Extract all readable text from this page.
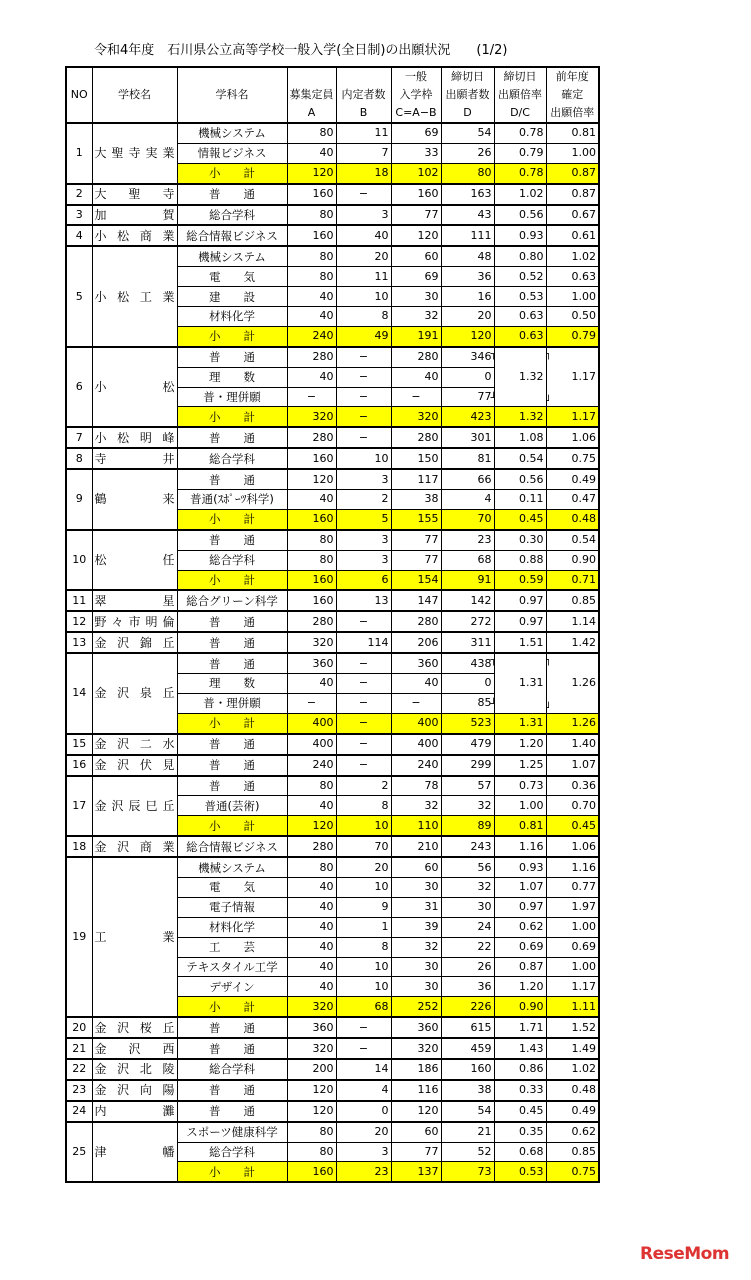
令和4年度　石川県公立高等学校一般入学(全日制)の出願状況　　(1/2)
NO	学校名	学科名			一般	締切日	締切日	前年度
			募集定員	内定者数	入学枠	出願者数	出願倍率	確定
			A	B	C=A−B	D	D/C	出願倍率
1	大聖寺実業	機械システム	80	11	69	54	0.78	0.81
		情報ビジネス	40	7	33	26	0.79	1.00
		小　　計	120	18	102	80	0.78	0.87
2	大聖寺	普　　通	160	−	160	163	1.02	0.87
3	加賀	総合学科	80	3	77	43	0.56	0.67
4	小松商業	総合情報ビジネス	160	40	120	111	0.93	0.61
5	小松工業	機械システム	80	20	60	48	0.80	1.02
		電　　気	80	11	69	36	0.52	0.63
		建　　設	40	10	30	16	0.53	1.00
		材料化学	40	8	32	20	0.63	0.50
		小　　計	240	49	191	120	0.63	0.79
6	小松	普　　通	280	−	280	346 ┐	1.32	1.17

		理　　数	40	−	40	0		
		普・理併願	−	−	−	77 ┘
		小　　計	320	−	320	423	1.32	1.17
7	小松明峰	普　　通	280	−	280	301	1.08	1.06
8	寺井	総合学科	160	10	150	81	0.54	0.75
9	鶴来	普　　通	120	3	117	66	0.56	0.49
		普通(ｽﾎﾟｰﾂ科学)	40	2	38	4	0.11	0.47
		小　　計	160	5	155	70	0.45	0.48
10	松任	普　　通	80	3	77	23	0.30	0.54
		総合学科	80	3	77	68	0.88	0.90
		小　　計	160	6	154	91	0.59	0.71
11	翠星	総合グリーン科学	160	13	147	142	0.97	0.85
12	野々市明倫	普　　通	280	−	280	272	0.97	1.14
13	金沢錦丘	普　　通	320	114	206	311	1.51	1.42
14	金沢泉丘	普　　通	360	−	360	438 ┐	1.31	1.26

		理　　数	40	−	40	0		
		普・理併願	−	−	−	85 ┘
		小　　計	400	−	400	523	1.31	1.26
15	金沢二水	普　　通	400	−	400	479	1.20	1.40
16	金沢伏見	普　　通	240	−	240	299	1.25	1.07
17	金沢辰巳丘	普　　通	80	2	78	57	0.73	0.36
		普通(芸術)	40	8	32	32	1.00	0.70
		小　　計	120	10	110	89	0.81	0.45
18	金沢商業	総合情報ビジネス	280	70	210	243	1.16	1.06
19	工業	機械システム	80	20	60	56	0.93	1.16
		電　　気	40	10	30	32	1.07	0.77
		電子情報	40	9	31	30	0.97	1.97
		材料化学	40	1	39	24	0.62	1.00
		工　　芸	40	8	32	22	0.69	0.69
		テキスタイル工学	40	10	30	26	0.87	1.00
		デザイン	40	10	30	36	1.20	1.17
		小　　計	320	68	252	226	0.90	1.11
20	金沢桜丘	普　　通	360	−	360	615	1.71	1.52
21	金沢西	普　　通	320	−	320	459	1.43	1.49
22	金沢北陵	総合学科	200	14	186	160	0.86	1.02
23	金沢向陽	普　　通	120	4	116	38	0.33	0.48
24	内灘	普　　通	120	0	120	54	0.45	0.49
25	津幡	スポーツ健康科学	80	20	60	21	0.35	0.62
		総合学科	80	3	77	52	0.68	0.85
		小　　計	160	23	137	73	0.53	0.75
ReseMom
